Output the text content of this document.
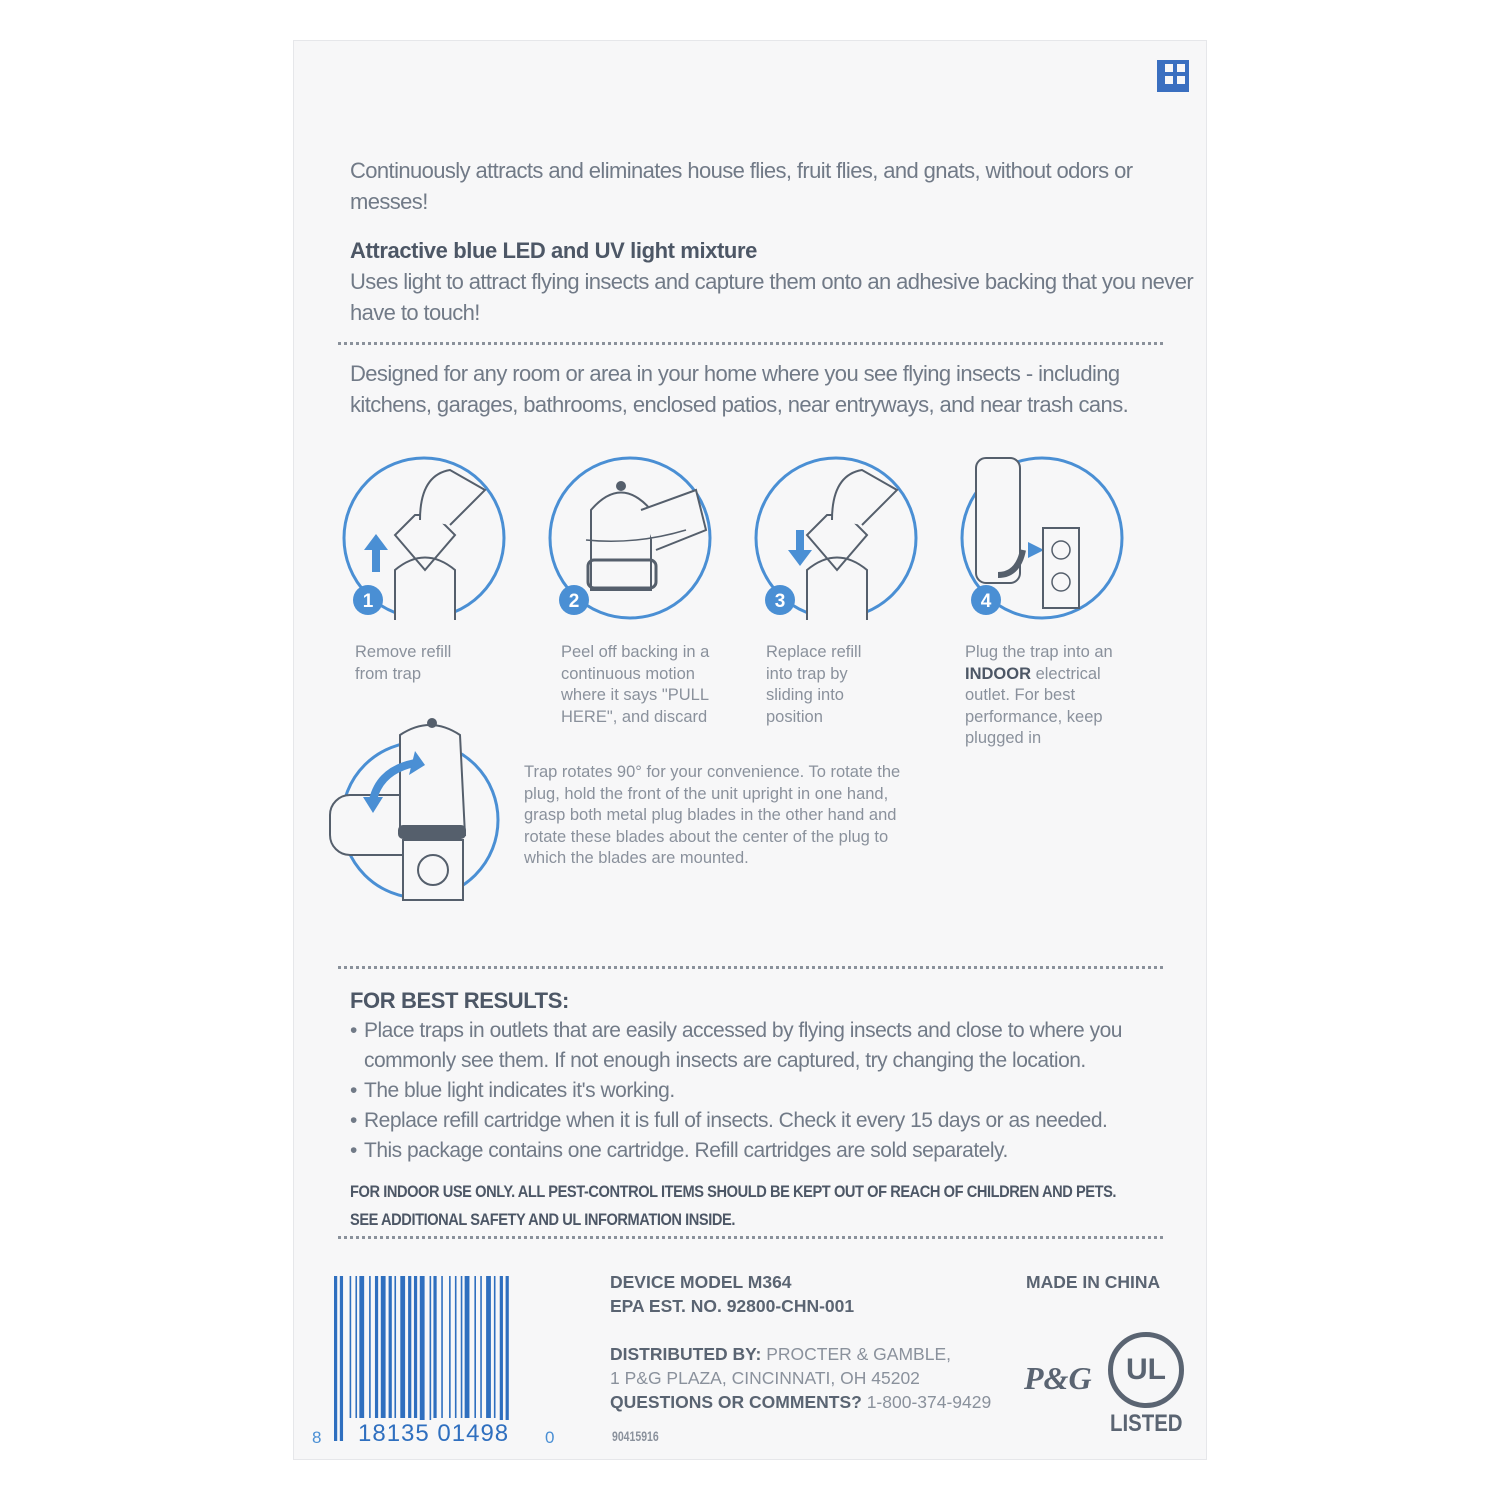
Continuously attracts and eliminates house flies, fruit flies, and gnats, without odors or messes!
Attractive blue LED and UV light mixture
Uses light to attract flying insects and capture them onto an adhesive backing that you never have to touch!
Designed for any room or area in your home where you see flying insects - including kitchens, garages, bathrooms, enclosed patios, near entryways, and near trash cans.
1	2	3	4
Remove refill from trap
Peel off backing in a continuous motion where it says "PULL HERE", and discard
Replace refill into trap by sliding into position
Plug the trap into an INDOOR electrical outlet. For best performance, keep plugged in
Trap rotates 90° for your convenience. To rotate the plug, hold the front of the unit upright in one hand, grasp both metal plug blades in the other hand and rotate these blades about the center of the plug to which the blades are mounted.
FOR BEST RESULTS:
• Place traps in outlets that are easily accessed by flying insects and close to where you commonly see them. If not enough insects are captured, try changing the location.
• The blue light indicates it's working.
• Replace refill cartridge when it is full of insects. Check it every 15 days or as needed.
• This package contains one cartridge. Refill cartridges are sold separately.
FOR INDOOR USE ONLY. ALL PEST-CONTROL ITEMS SHOULD BE KEPT OUT OF REACH OF CHILDREN AND PETS.
SEE ADDITIONAL SAFETY AND UL INFORMATION INSIDE.
8 18135 01498 0
DEVICE MODEL M364
EPA EST. NO. 92800-CHN-001
DISTRIBUTED BY: PROCTER & GAMBLE,
1 P&G PLAZA, CINCINNATI, OH 45202
QUESTIONS OR COMMENTS? 1-800-374-9429
90415916
MADE IN CHINA
P&G	UL
LISTED
